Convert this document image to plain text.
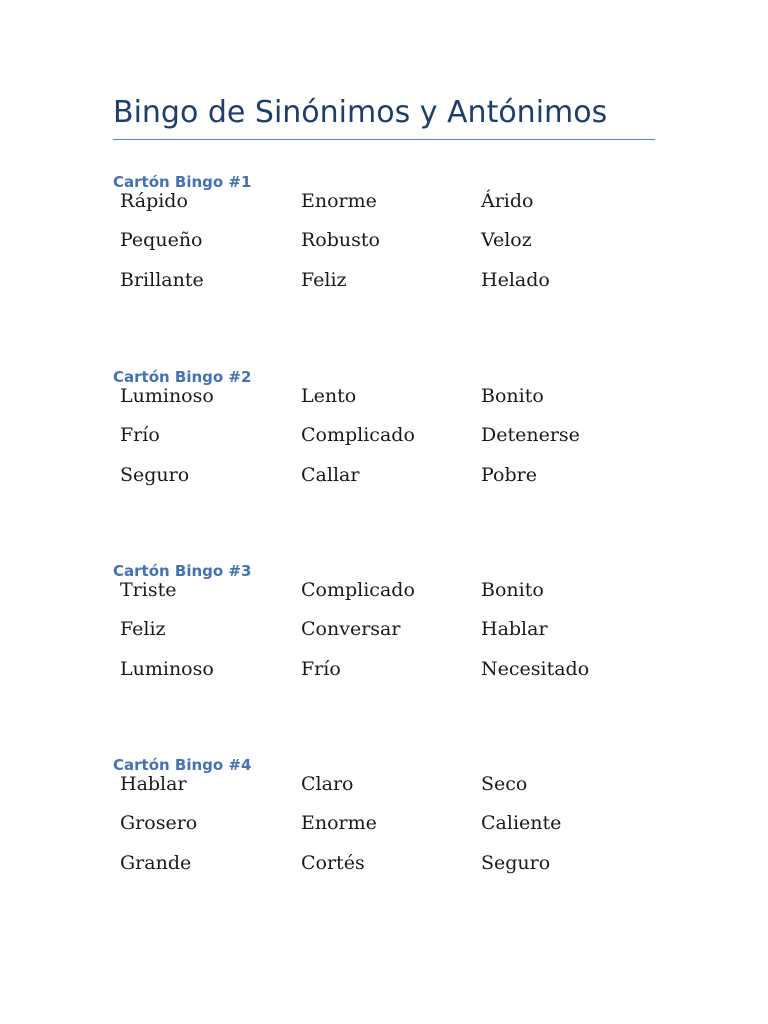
Bingo de Sinónimos y Antónimos
Cartón Bingo #1
Rápido	Enorme	Árido
Pequeño	Robusto	Veloz
Brillante	Feliz	Helado
Cartón Bingo #2
Luminoso	Lento	Bonito
Frío	Complicado	Detenerse
Seguro	Callar	Pobre
Cartón Bingo #3
Triste	Complicado	Bonito
Feliz	Conversar	Hablar
Luminoso	Frío	Necesitado
Cartón Bingo #4
Hablar	Claro	Seco
Grosero	Enorme	Caliente
Grande	Cortés	Seguro
